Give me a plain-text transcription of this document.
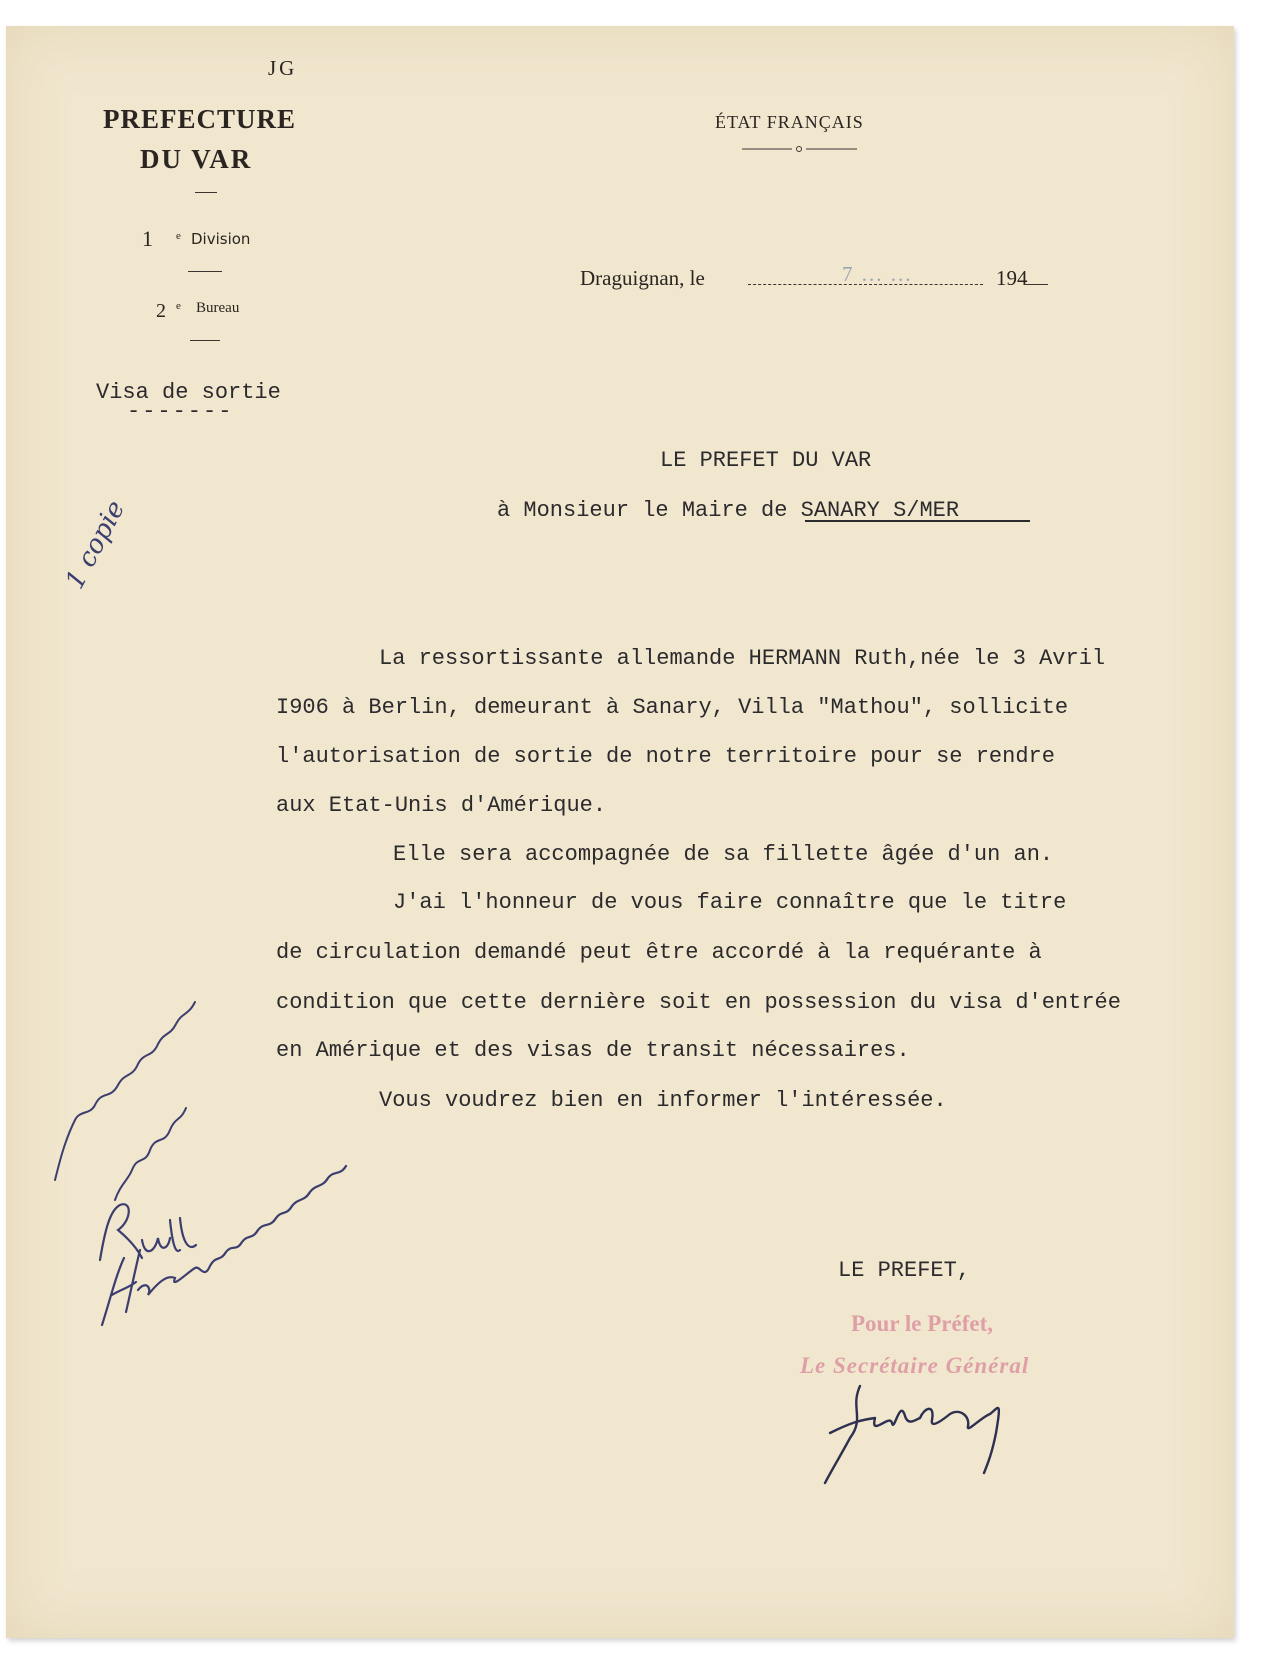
JG
PREFECTURE
DU VAR
1 e Division
2 e Bureau
Visa de sortie
-------
ÉTAT FRANÇAIS
Draguignan, le	7 ... ...	194
LE PREFET DU VAR
à Monsieur le Maire de SANARY S/MER
La ressortissante allemande HERMANN Ruth,née le 3 Avril
I906 à Berlin, demeurant à Sanary, Villa "Mathou", sollicite
l'autorisation de sortie de notre territoire pour se rendre
aux Etat-Unis d'Amérique.
Elle sera accompagnée de sa fillette âgée d'un an.
J'ai l'honneur de vous faire connaître que le titre
de circulation demandé peut être accordé à la requérante à
condition que cette dernière soit en possession du visa d'entrée
en Amérique et des visas de transit nécessaires.
Vous voudrez bien en informer l'intéressée.
LE PREFET,
Pour le Préfet,
Le Secrétaire Général
1 copie
